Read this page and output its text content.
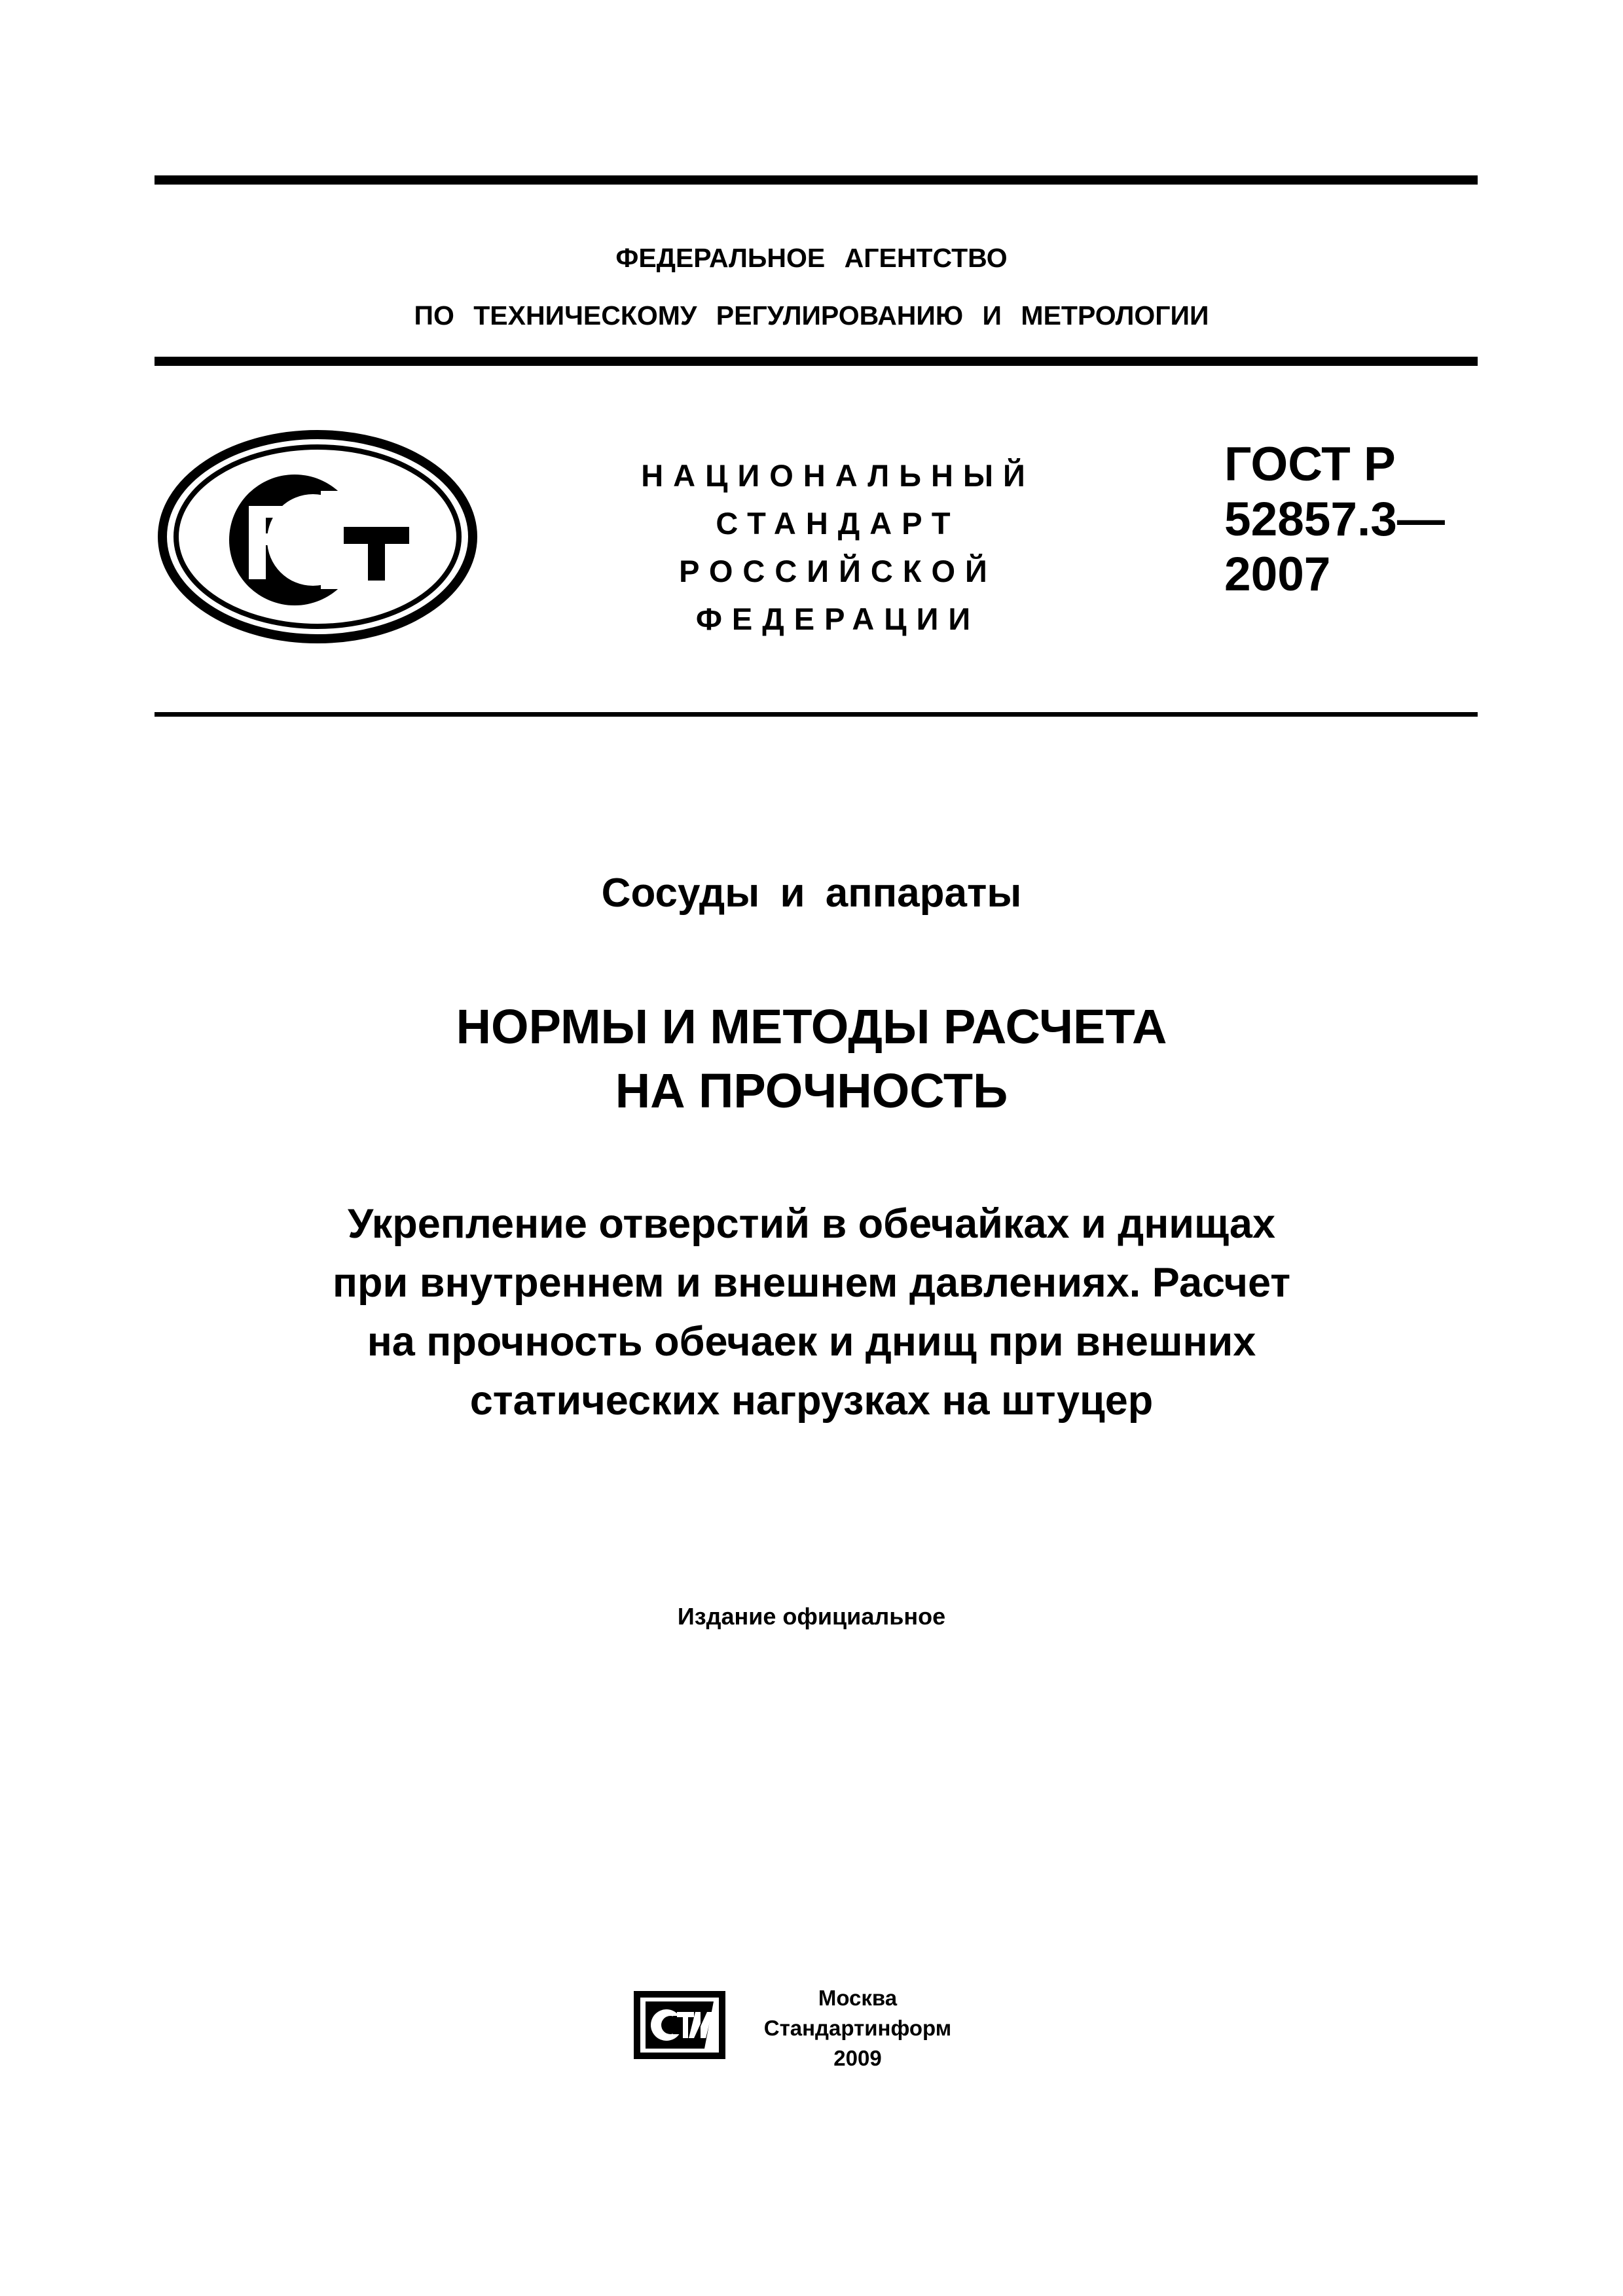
ФЕДЕРАЛЬНОЕ АГЕНТСТВО
ПО ТЕХНИЧЕСКОМУ РЕГУЛИРОВАНИЮ И МЕТРОЛОГИИ
НАЦИОНАЛЬНЫЙ
СТАНДАРТ
РОССИЙСКОЙ
ФЕДЕРАЦИИ
ГОСТ Р
52857.3—
2007
Сосуды и аппараты
НОРМЫ И МЕТОДЫ РАСЧЕТА
НА ПРОЧНОСТЬ
Укрепление отверстий в обечайках и днищах
при внутреннем и внешнем давлениях. Расчет
на прочность обечаек и днищ при внешних
статических нагрузках на штуцер
Издание официальное
Москва
Стандартинформ
2009
